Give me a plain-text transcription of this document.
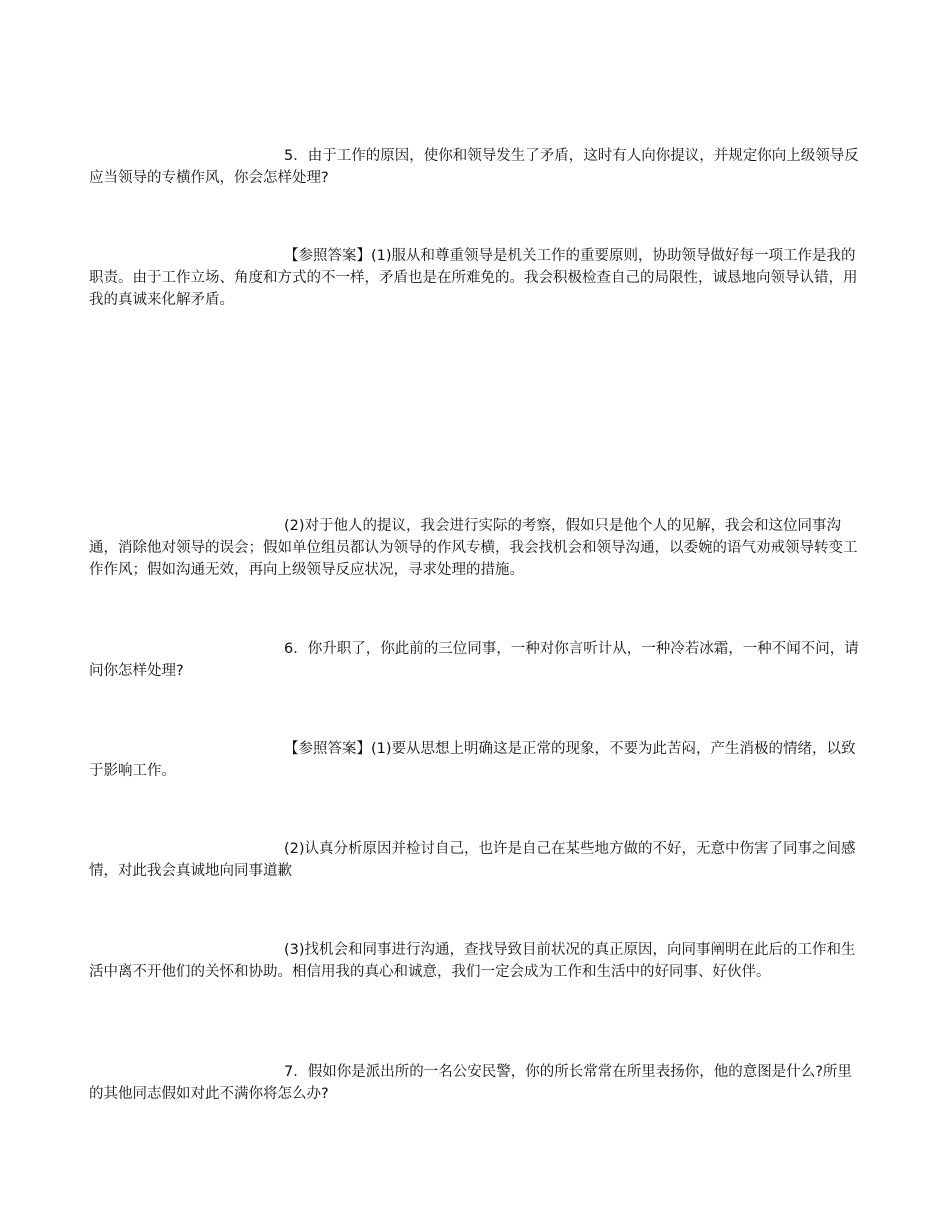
5．由于工作的原因，使你和领导发生了矛盾，这时有人向你提议，并规定你向上级领导反应当领导的专横作风，你会怎样处理?

【参照答案】(1)服从和尊重领导是机关工作的重要原则，协助领导做好每一项工作是我的职责。由于工作立场、角度和方式的不一样，矛盾也是在所难免的。我会积极检查自己的局限性，诚恳地向领导认错，用我的真诚来化解矛盾。

(2)对于他人的提议，我会进行实际的考察，假如只是他个人的见解，我会和这位同事沟通，消除他对领导的误会；假如单位组员都认为领导的作风专横，我会找机会和领导沟通，以委婉的语气劝戒领导转变工作作风；假如沟通无效，再向上级领导反应状况，寻求处理的措施。

6．你升职了，你此前的三位同事，一种对你言听计从，一种冷若冰霜，一种不闻不问，请问你怎样处理?

【参照答案】(1)要从思想上明确这是正常的现象，不要为此苦闷，产生消极的情绪，以致于影响工作。

(2)认真分析原因并检讨自己，也许是自己在某些地方做的不好，无意中伤害了同事之间感情，对此我会真诚地向同事道歉

(3)找机会和同事进行沟通，查找导致目前状况的真正原因，向同事阐明在此后的工作和生活中离不开他们的关怀和协助。相信用我的真心和诚意，我们一定会成为工作和生活中的好同事、好伙伴。

7．假如你是派出所的一名公安民警，你的所长常常在所里表扬你，他的意图是什么?所里的其他同志假如对此不满你将怎么办?
